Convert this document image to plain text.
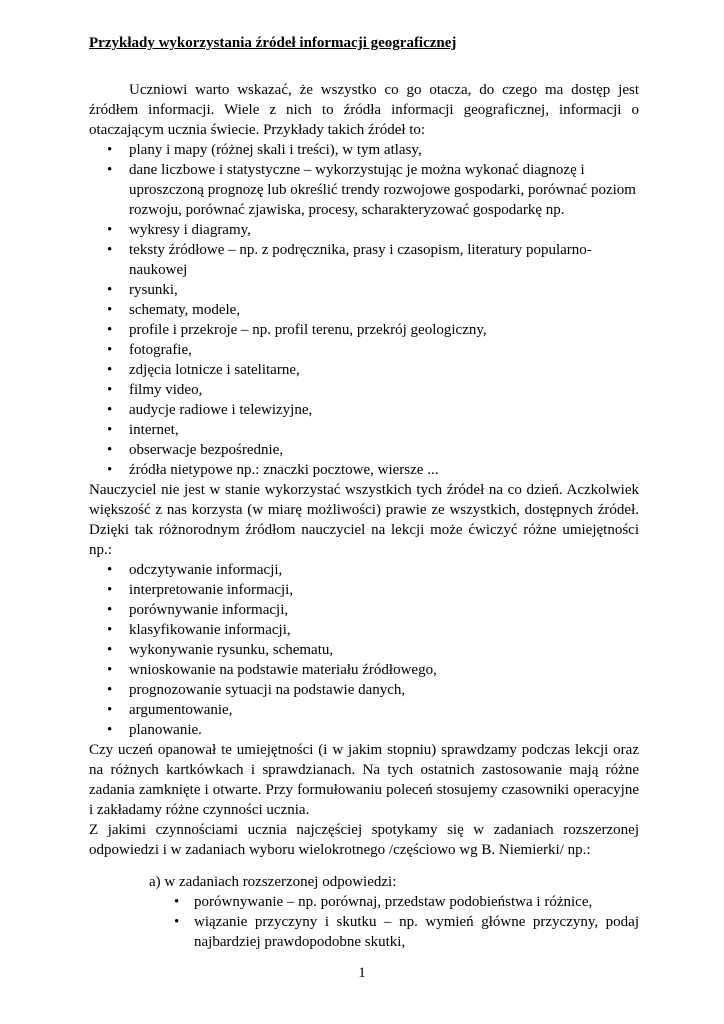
Przykłady wykorzystania źródeł informacji geograficznej

Uczniowi warto wskazać, że wszystko co go otacza, do czego ma dostęp jest źródłem informacji. Wiele z nich to źródła informacji geograficznej, informacji o otaczającym ucznia świecie. Przykłady takich źródeł to:

• plany i mapy (różnej skali i treści), w tym atlasy,
• dane liczbowe i statystyczne – wykorzystując je można wykonać diagnozę i uproszczoną prognozę lub określić trendy rozwojowe gospodarki, porównać poziom rozwoju, porównać zjawiska, procesy, scharakteryzować gospodarkę np.
• wykresy i diagramy,
• teksty źródłowe – np. z podręcznika, prasy i czasopism, literatury popularno-naukowej
• rysunki,
• schematy, modele,
• profile i przekroje – np. profil terenu, przekrój geologiczny,
• fotografie,
• zdjęcia lotnicze i satelitarne,
• filmy video,
• audycje radiowe i telewizyjne,
• internet,
• obserwacje bezpośrednie,
• źródła nietypowe np.: znaczki pocztowe, wiersze ...

Nauczyciel nie jest w stanie wykorzystać wszystkich tych źródeł na co dzień. Aczkolwiek większość z nas korzysta (w miarę możliwości) prawie ze wszystkich, dostępnych źródeł. Dzięki tak różnorodnym źródłom nauczyciel na lekcji może ćwiczyć różne umiejętności np.:

• odczytywanie informacji,
• interpretowanie informacji,
• porównywanie informacji,
• klasyfikowanie informacji,
• wykonywanie rysunku, schematu,
• wnioskowanie na podstawie materiału źródłowego,
• prognozowanie sytuacji na podstawie danych,
• argumentowanie,
• planowanie.

Czy uczeń opanował te umiejętności (i w jakim stopniu) sprawdzamy podczas lekcji oraz na różnych kartkówkach i sprawdzianach. Na tych ostatnich zastosowanie mają różne zadania zamknięte i otwarte. Przy formułowaniu poleceń stosujemy czasowniki operacyjne i zakładamy różne czynności ucznia.

Z jakimi czynnościami ucznia najczęściej spotykamy się w zadaniach rozszerzonej odpowiedzi i w zadaniach wyboru wielokrotnego /częściowo wg B. Niemierki/ np.:

a) w zadaniach rozszerzonej odpowiedzi:

• porównywanie – np. porównaj, przedstaw podobieństwa i różnice,
• wiązanie przyczyny i skutku – np. wymień główne przyczyny, podaj najbardziej prawdopodobne skutki,
1
